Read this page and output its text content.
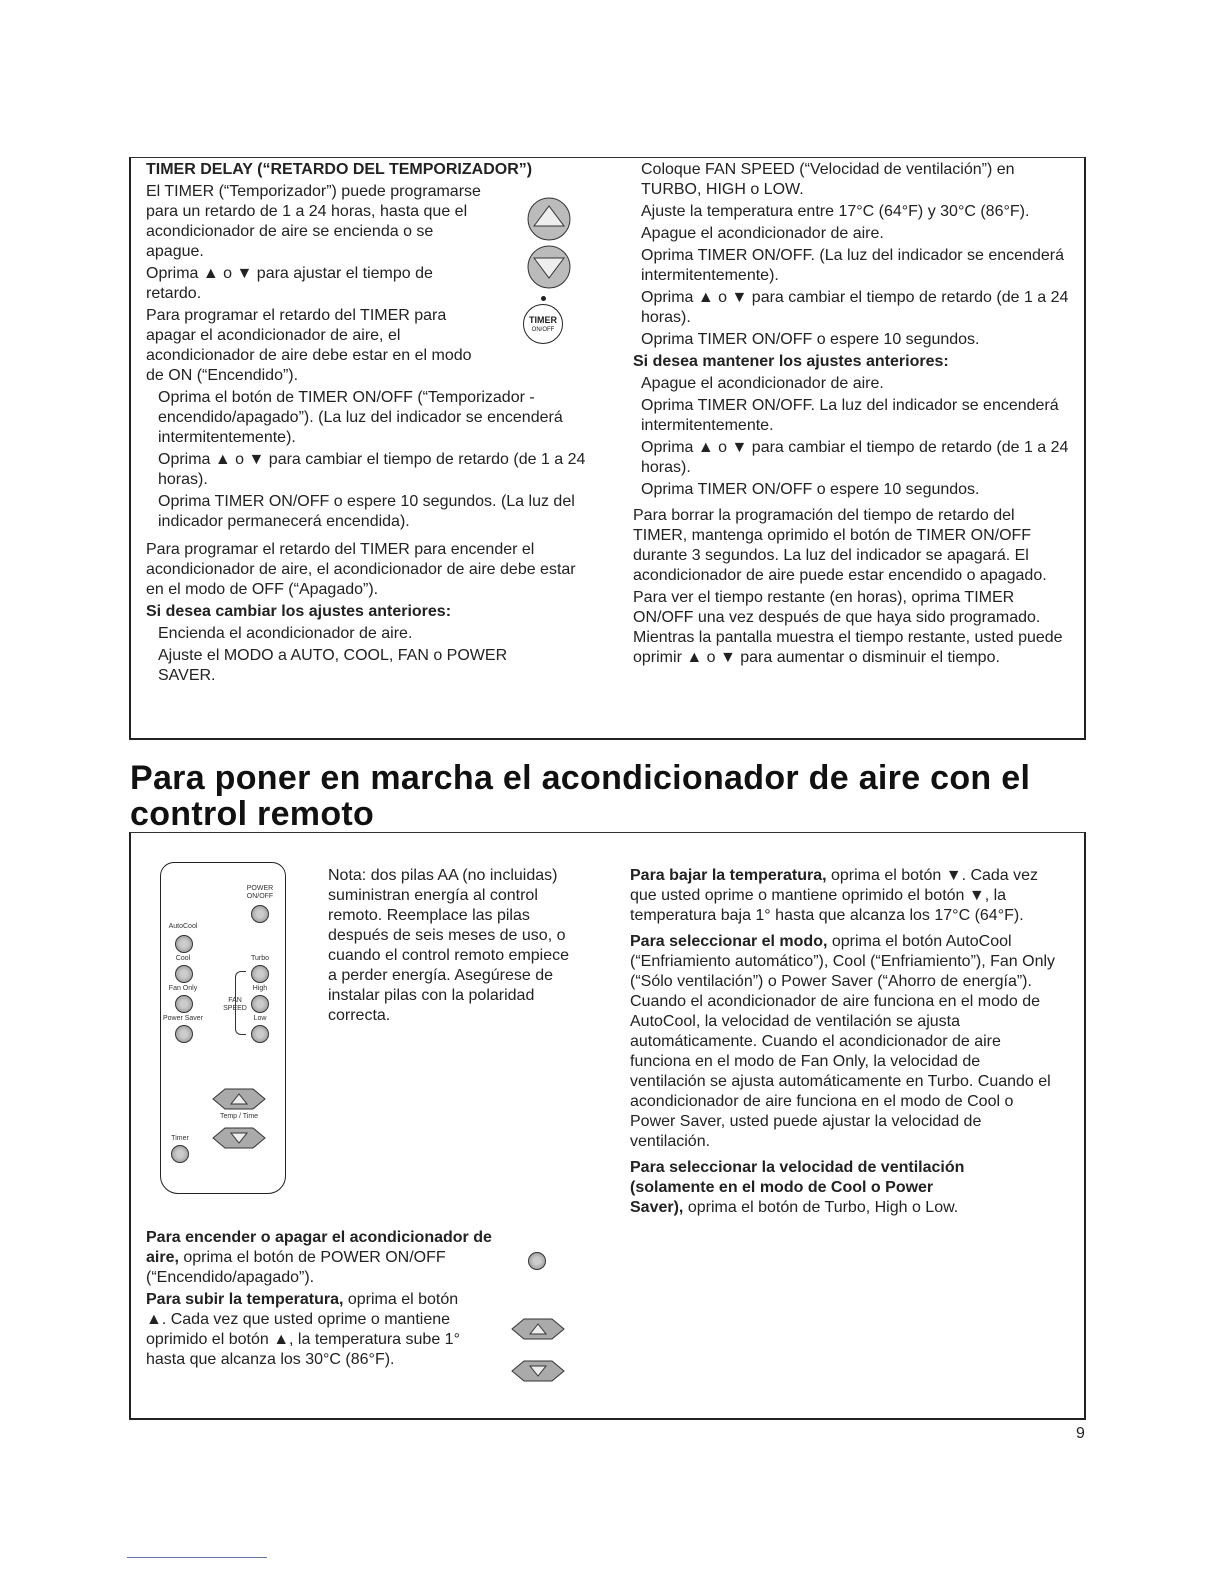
TIMER DELAY (“RETARDO DEL TEMPORIZADOR”)

El TIMER (“Temporizador”) puede programarse para un retardo de 1 a 24 horas, hasta que el acondicionador de aire se encienda o se apague.

Oprima ▲ o ▼ para ajustar el tiempo de retardo.

Para programar el retardo del TIMER para apagar el acondicionador de aire, el acondicionador de aire debe estar en el modo de ON (“Encendido”).

Oprima el botón de TIMER ON/OFF (“Temporizador - encendido/apagado”). (La luz del indicador se encenderá intermitentemente).

Oprima ▲ o ▼ para cambiar el tiempo de retardo (de 1 a 24 horas).

Oprima TIMER ON/OFF o espere 10 segundos. (La luz del indicador permanecerá encendida).

Para programar el retardo del TIMER para encender el acondicionador de aire, el acondicionador de aire debe estar en el modo de OFF (“Apagado”).

Si desea cambiar los ajustes anteriores:

Encienda el acondicionador de aire.

Ajuste el MODO a AUTO, COOL, FAN o POWER SAVER.

TIMER
ON/OFF

Coloque FAN SPEED (“Velocidad de ventilación”) en TURBO, HIGH o LOW.

Ajuste la temperatura entre 17°C (64°F) y 30°C (86°F).

Apague el acondicionador de aire.

Oprima TIMER ON/OFF. (La luz del indicador se encenderá intermitentemente).

Oprima ▲ o ▼ para cambiar el tiempo de retardo (de 1 a 24 horas).

Oprima TIMER ON/OFF o espere 10 segundos.

Si desea mantener los ajustes anteriores:

Apague el acondicionador de aire.

Oprima TIMER ON/OFF. La luz del indicador se encenderá intermitentemente.

Oprima ▲ o ▼ para cambiar el tiempo de retardo (de 1 a 24 horas).

Oprima TIMER ON/OFF o espere 10 segundos.

Para borrar la programación del tiempo de retardo del TIMER, mantenga oprimido el botón de TIMER ON/OFF durante 3 segundos. La luz del indicador se apagará. El acondicionador de aire puede estar encendido o apagado.

Para ver el tiempo restante (en horas), oprima TIMER ON/OFF una vez después de que haya sido programado. Mientras la pantalla muestra el tiempo restante, usted puede oprimir ▲ o ▼ para aumentar o disminuir el tiempo.

Para poner en marcha el acondicionador de aire con el control remoto
POWER ON/OFF
AutoCool
Cool
Fan Only
Power Saver
Turbo
High
Low
FAN SPEED
Temp / Time
Timer
Nota: dos pilas AA (no incluidas) suministran energía al control remoto. Reemplace las pilas después de seis meses de uso, o cuando el control remoto empiece a perder energía. Asegúrese de instalar pilas con la polaridad correcta.

Para encender o apagar el acondicionador de aire, oprima el botón de POWER ON/OFF (“Encendido/apagado”).

Para subir la temperatura, oprima el botón ▲. Cada vez que usted oprime o mantiene oprimido el botón ▲, la temperatura sube 1° hasta que alcanza los 30°C (86°F).

Para bajar la temperatura, oprima el botón ▼. Cada vez que usted oprime o mantiene oprimido el botón ▼, la temperatura baja 1° hasta que alcanza los 17°C (64°F).

Para seleccionar el modo, oprima el botón AutoCool (“Enfriamiento automático”), Cool (“Enfriamiento”), Fan Only (“Sólo ventilación”) o Power Saver (“Ahorro de energía”). Cuando el acondicionador de aire funciona en el modo de AutoCool, la velocidad de ventilación se ajusta automáticamente. Cuando el acondicionador de aire funciona en el modo de Fan Only, la velocidad de ventilación se ajusta automáticamente en Turbo. Cuando el acondicionador de aire funciona en el modo de Cool o Power Saver, usted puede ajustar la velocidad de ventilación.

Para seleccionar la velocidad de ventilación (solamente en el modo de Cool o Power Saver), oprima el botón de Turbo, High o Low.

9
